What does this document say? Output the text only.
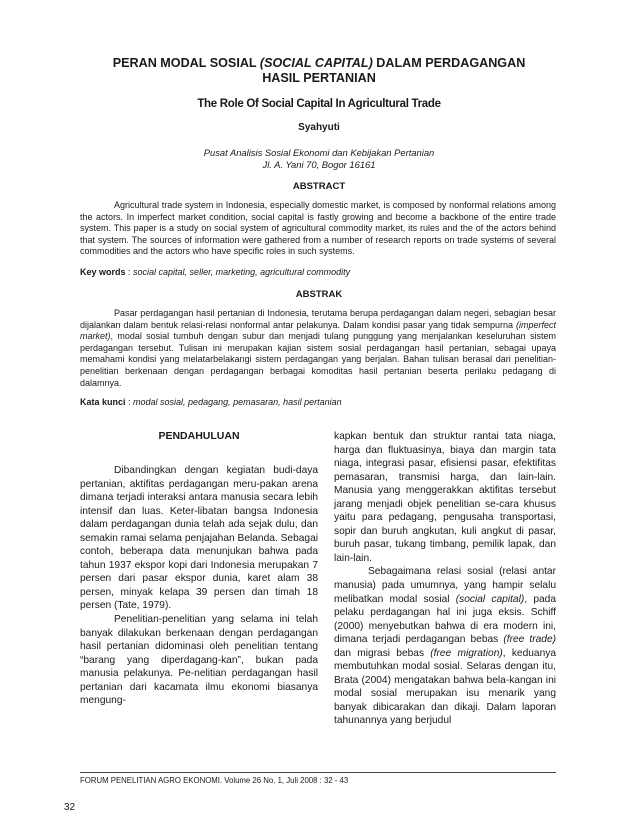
PERAN MODAL SOSIAL (SOCIAL CAPITAL) DALAM PERDAGANGAN
HASIL PERTANIAN
The Role Of Social Capital In Agricultural Trade
Syahyuti
Pusat Analisis Sosial Ekonomi dan Kebijakan Pertanian
Jl. A. Yani 70, Bogor 16161
ABSTRACT
Agricultural trade system in Indonesia, especially domestic market, is composed by nonformal relations among the actors. In imperfect market condition, social capital is fastly growing and become a backbone of the entire trade system. This paper is a study on social system of agricultural commodity market, its rules and the of the actors behind that system. The sources of information were gathered from a number of research reports on trade systems of several commodities and the actors who have specific roles in such systems.
Key words : social capital, seller, marketing, agricultural commodity
ABSTRAK
Pasar perdagangan hasil pertanian di Indonesia, terutama berupa perdagangan dalam negeri, sebagian besar dijalankan dalam bentuk relasi-relasi nonformal antar pelakunya. Dalam kondisi pasar yang tidak sempurna (imperfect market), modal sosial tumbuh dengan subur dan menjadi tulang punggung yang menjalankan keseluruhan sistem perdagangan tersebut. Tulisan ini merupakan kajian sistem sosial perdagangan hasil pertanian, sebagai upaya memahami kondisi yang melatarbelakangi sistem perdagangan yang berjalan. Bahan tulisan berasal dari penelitian-penelitian berkenaan dengan perdagangan berbagai komoditas hasil pertanian beserta perilaku pedagang di dalamnya.
Kata kunci : modal sosial, pedagang, pemasaran, hasil pertanian
PENDAHULUAN

Dibandingkan dengan kegiatan budi-daya pertanian, aktifitas perdagangan meru-pakan arena dimana terjadi interaksi antara manusia secara lebih intensif dan luas. Keter-libatan bangsa Indonesia dalam perdagangan dunia telah ada sejak dulu, dan semakin ramai selama penjajahan Belanda. Sebagai contoh, beberapa data menunjukan bahwa pada tahun 1937 ekspor kopi dari Indonesia merupakan 7 persen dari pasar ekspor dunia, karet alam 38 persen, minyak kelapa 39 persen dan timah 18 persen (Tate, 1979).

Penelitian-penelitian yang selama ini telah banyak dilakukan berkenaan dengan perdagangan hasil pertanian didominasi oleh penelitian tentang “barang yang diperdagang-kan”, bukan pada manusia pelakunya. Pe-nelitian perdagangan hasil pertanian dari kacamata ilmu ekonomi biasanya mengung-

kapkan bentuk dan struktur rantai tata niaga, harga dan fluktuasinya, biaya dan margin tata niaga, integrasi pasar, efisiensi pasar, efektifitas pemasaran, transmisi harga, dan lain-lain. Manusia yang menggerakkan aktifitas tersebut jarang menjadi objek penelitian se-cara khusus yaitu para pedagang, pengusaha transportasi, sopir dan buruh angkutan, kuli angkut di pasar, buruh pasar, tukang timbang, pemilik lapak, dan lain-lain.

Sebagaimana relasi sosial (relasi antar manusia) pada umumnya, yang hampir selalu melibatkan modal sosial (social capital), pada pelaku perdagangan hal ini juga eksis. Schiff (2000) menyebutkan bahwa di era modern ini, dimana terjadi perdagangan bebas (free trade) dan migrasi bebas (free migration), keduanya membutuhkan modal sosial. Selaras dengan itu, Brata (2004) mengatakan bahwa bela-kangan ini modal sosial merupakan isu menarik yang banyak dibicarakan dan dikaji. Dalam laporan tahunannya yang berjudul

FORUM PENELITIAN AGRO EKONOMI. Volume 26 No. 1, Juli 2008 : 32 - 43
32
